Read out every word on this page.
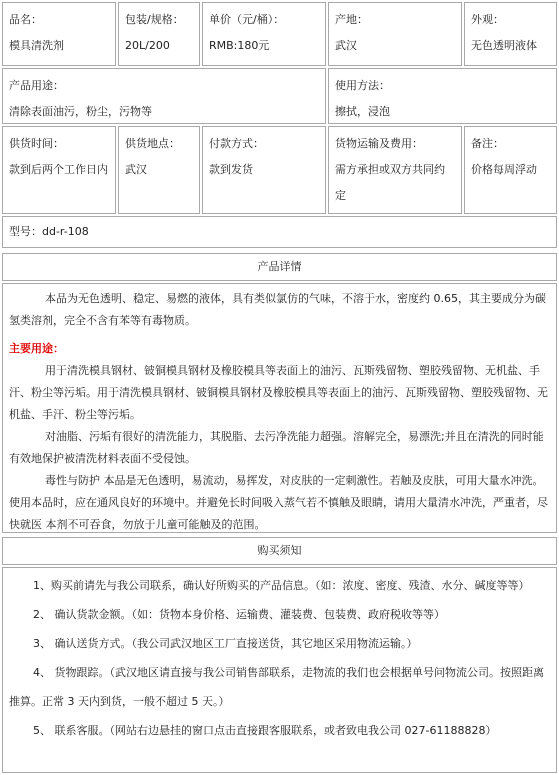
品名：
模具清洗剂
包装/规格：
20L/200
单价（元/桶）：
RMB:180元
产地：
武汉
外观：
无色透明液体
产品用途：
清除表面油污，粉尘，污物等
使用方法：
擦拭，浸泡
供货时间：
款到后两个工作日内
供货地点：
武汉
付款方式：
款到发货
货物运输及费用：
需方承担或双方共同约定
备注：
价格每周浮动
型号：dd-r-108
产品详情

本品为无色透明、稳定、易燃的液体，具有类似氯仿的气味，不溶于水，密度约 0.65，其主要成分为碳氢类溶剂，完全不含有苯等有毒物质。

主要用途：

用于清洗模具钢材、铍铜模具钢材及橡胶模具等表面上的油污、瓦斯残留物、塑胶残留物、无机盐、手汗、粉尘等污垢。用于清洗模具钢材、铍铜模具钢材及橡胶模具等表面上的油污、瓦斯残留物、塑胶残留物、无机盐、手汗、粉尘等污垢。

对油脂、污垢有很好的清洗能力，其脱脂、去污净洗能力超强。溶解完全，易漂洗;并且在清洗的同时能有效地保护被清洗材料表面不受侵蚀。

毒性与防护 本品是无色透明，易流动，易挥发，对皮肤的一定刺激性。若触及皮肤，可用大量水冲洗。使用本品时，应在通风良好的环境中。并避免长时间吸入蒸气若不慎触及眼睛，请用大量清水冲洗，严重者，尽快就医 本剂不可吞食，勿放于儿童可能触及的范围。

购买须知

1、购买前请先与我公司联系，确认好所购买的产品信息。（如：浓度、密度、残渣、水分、碱度等等）

2、 确认货款金额。（如：货物本身价格、运输费、灌装费、包装费、政府税收等等）

3、 确认送货方式。（我公司武汉地区工厂直接送货，其它地区采用物流运输。）

4、 货物跟踪。（武汉地区请直接与我公司销售部联系，走物流的我们也会根据单号问物流公司。按照距离推算。正常 3 天内到货，一般不超过 5 天。）

5、 联系客服。（网站右边悬挂的窗口点击直接跟客服联系，或者致电我公司 027-61188828）
